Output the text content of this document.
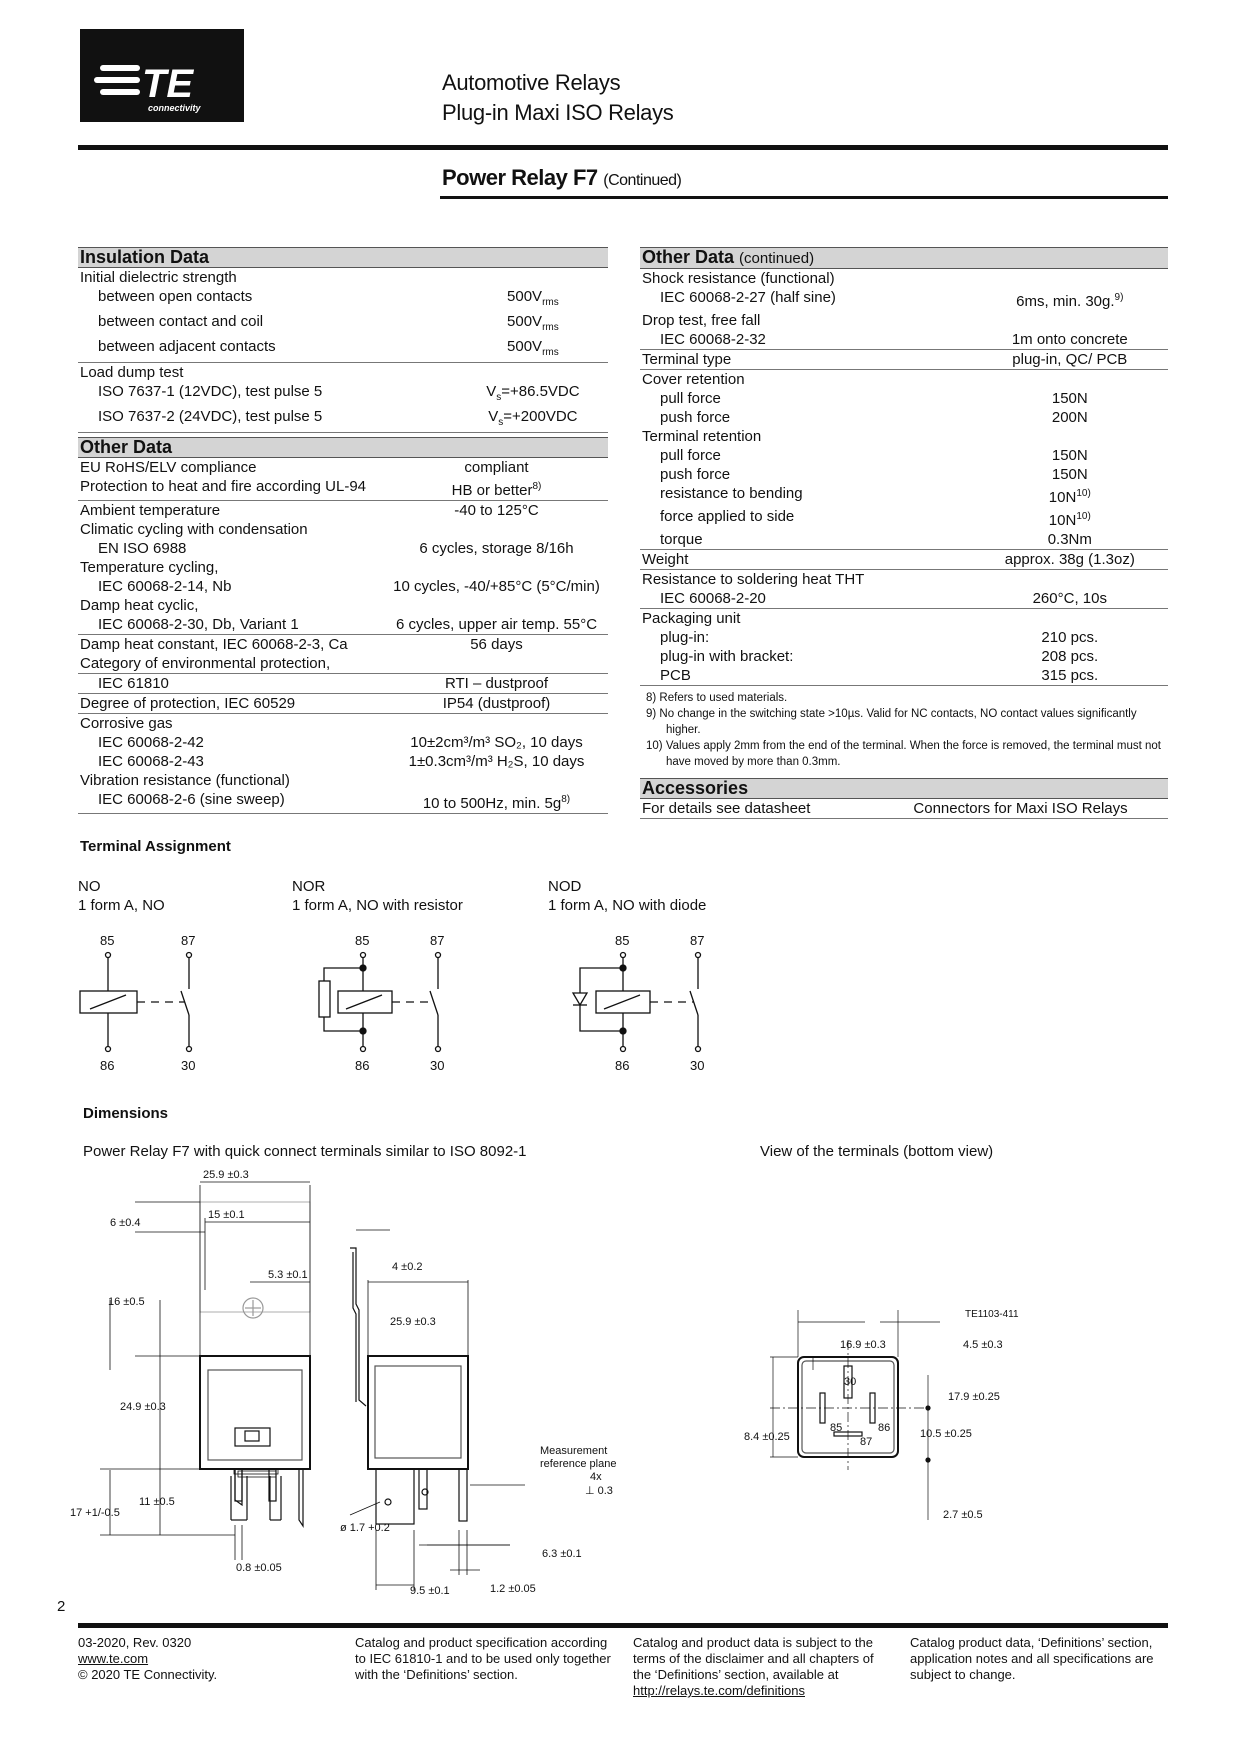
TE
connectivity
Automotive Relays
Plug-in Maxi ISO Relays
Power Relay F7 (Continued)
Insulation Data	
Initial dielectric strength	
between open contacts	$500V_{rms}$
between contact and coil	$500V_{rms}$
between adjacent contacts	$500V_{rms}$
Load dump test	
ISO 7637-1 (12VDC), test pulse 5	$V_s=+86.5VDC$
ISO 7637-2 (24VDC), test pulse 5	$V_s=+200VDC$
Other Data	
EU RoHS/ELV compliance	compliant
Protection to heat and fire according UL-94	HB or better$^{8)}$
Ambient temperature	-40 to 125°C
Climatic cycling with condensation	
EN ISO 6988	6 cycles, storage 8/16h
Temperature cycling,	
IEC 60068-2-14, Nb	10 cycles, -40/+85°C (5°C/min)
Damp heat cyclic,	
IEC 60068-2-30, Db, Variant 1	6 cycles, upper air temp. 55°C
Damp heat constant, IEC 60068-2-3, Ca	56 days
Category of environmental protection,	
IEC 61810	RTI – dustproof
Degree of protection, IEC 60529	IP54 (dustproof)
Corrosive gas	
IEC 60068-2-42	10±2cm³/m³ SO₂, 10 days
IEC 60068-2-43	1±0.3cm³/m³ H₂S, 10 days
Vibration resistance (functional)	
IEC 60068-2-6 (sine sweep)	10 to 500Hz, min. $5g^{8)}$
Other Data (continued)	
Shock resistance (functional)	
IEC 60068-2-27 (half sine)	6ms, min. 30g.$^{9)}$
Drop test, free fall	
IEC 60068-2-32	1m onto concrete
Terminal type	plug-in, QC/ PCB
Cover retention	
pull force	150N
push force	200N
Terminal retention	
pull force	150N
push force	150N
resistance to bending	$10N^{10)}$
force applied to side	$10N^{10)}$
torque	0.3Nm
Weight	approx. 38g (1.3oz)
Resistance to soldering heat THT	
IEC 60068-2-20	260°C, 10s
Packaging unit	
plug-in:	210 pcs.
plug-in with bracket:	208 pcs.
PCB	315 pcs.
8) Refers to used materials.
9) No change in the switching state >10µs. Valid for NC contacts, NO contact values significantly higher.
10) Values apply 2mm from the end of the terminal. When the force is removed, the terminal must not have moved by more than 0.3mm.
Accessories
For details see datasheet	Connectors for Maxi ISO Relays
Terminal Assignment
NO
1 form A, NO
NOR
1 form A, NO with resistor
NOD
1 form A, NO with diode
85	87
86	30
85	87
86	30
85	87
86	30
Dimensions
Power Relay F7 with quick connect terminals similar to ISO 8092-1	View of the terminals (bottom view)
25.9 ±0.3
15 ±0.1
6 ±0.4
5.3 ±0.1
16 ±0.5
24.9 ±0.3
11 ±0.5
17 +1/-0.5
0.8 ±0.05
4 ±0.2
25.9 ±0.3
Measurement
reference plane
4x
⊥ 0.3
ø 1.7 +0.2
6.3 ±0.1
9.5 ±0.1	1.2 ±0.05
TE1103-411
16.9 ±0.3	4.5 ±0.3
17.9 ±0.25
8.4 ±0.25	10.5 ±0.25
2.7 ±0.5
30
85	86
87
2
03-2020, Rev. 0320
www.te.com
© 2020 TE Connectivity.
Catalog and product specification according
to IEC 61810-1 and to be used only together
with the ‘Definitions’ section.
Catalog and product data is subject to the
terms of the disclaimer and all chapters of
the ‘Definitions’ section, available at
http://relays.te.com/definitions
Catalog product data, ‘Definitions’ section,
application notes and all specifications are
subject to change.
